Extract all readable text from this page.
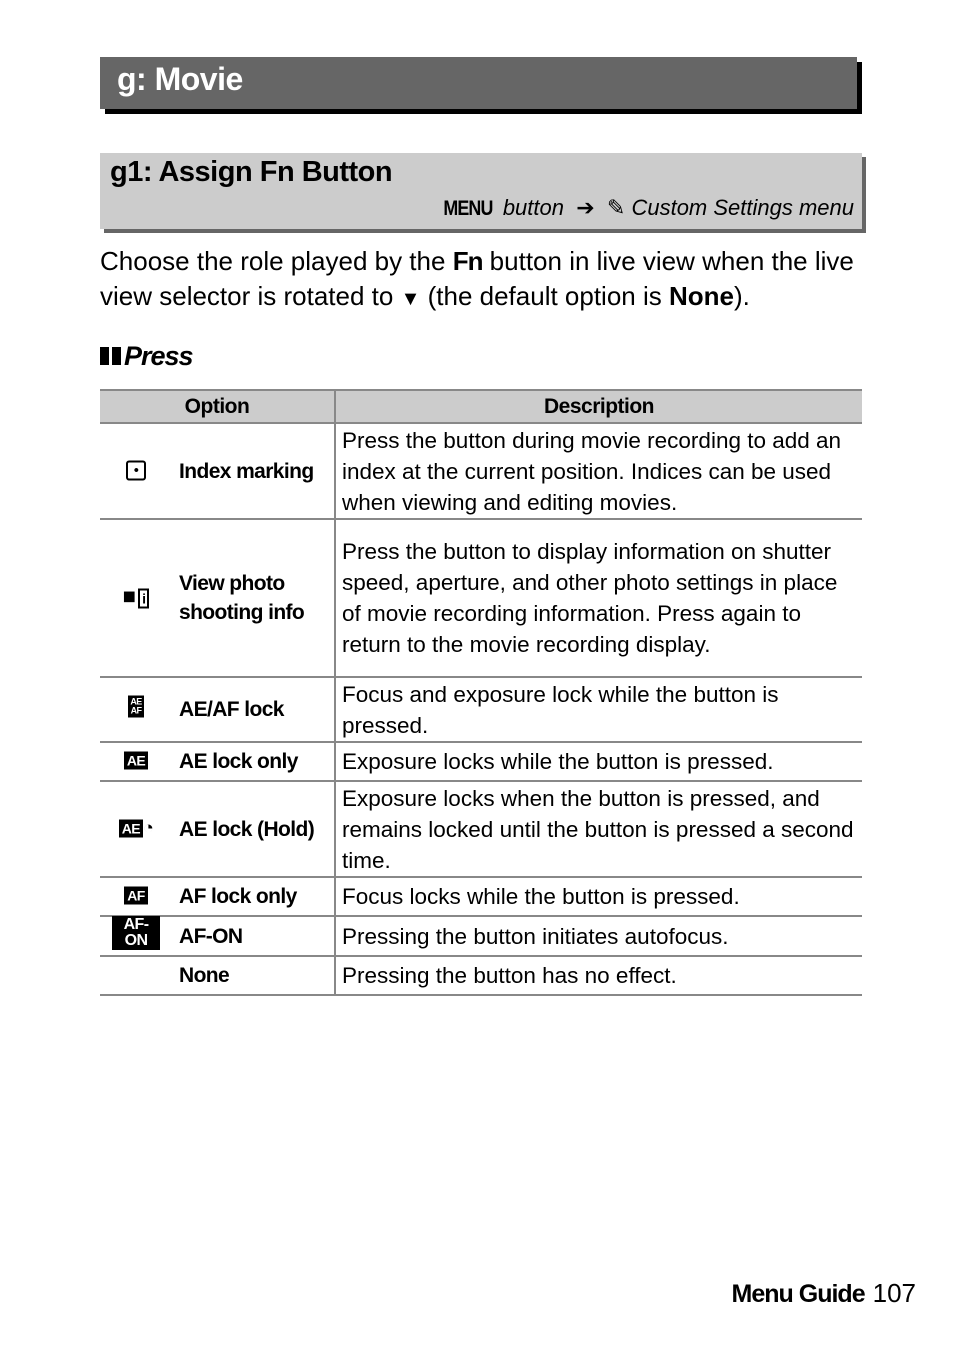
g: Movie
g1: Assign Fn Button
MENU button ➔ ✎ Custom Settings menu
Choose the role played by the Fn button in live view when the live view selector is rotated to ▼ (the default option is None).
Press
Option	Description

• Index marking	Press the button during movie recording to add an index at the current position. Indices can be used when viewing and editing movies.

■ i
View photo shooting info	Press the button to display information on shutter speed, aperture, and other photo settings in place of movie recording information. Press again to return to the movie recording display.

AE
AF AE/AF lock	Focus and exposure lock while the button is pressed.

AE AE lock only	Exposure locks while the button is pressed.

AE ◔ AE lock (Hold)	Exposure locks when the button is pressed, and remains locked until the button is pressed a second time.

AF AF lock only	Focus locks while the button is pressed.

AF-ON AF-ON	Pressing the button initiates autofocus.
None	Pressing the button has no effect.
Menu Guide 107
